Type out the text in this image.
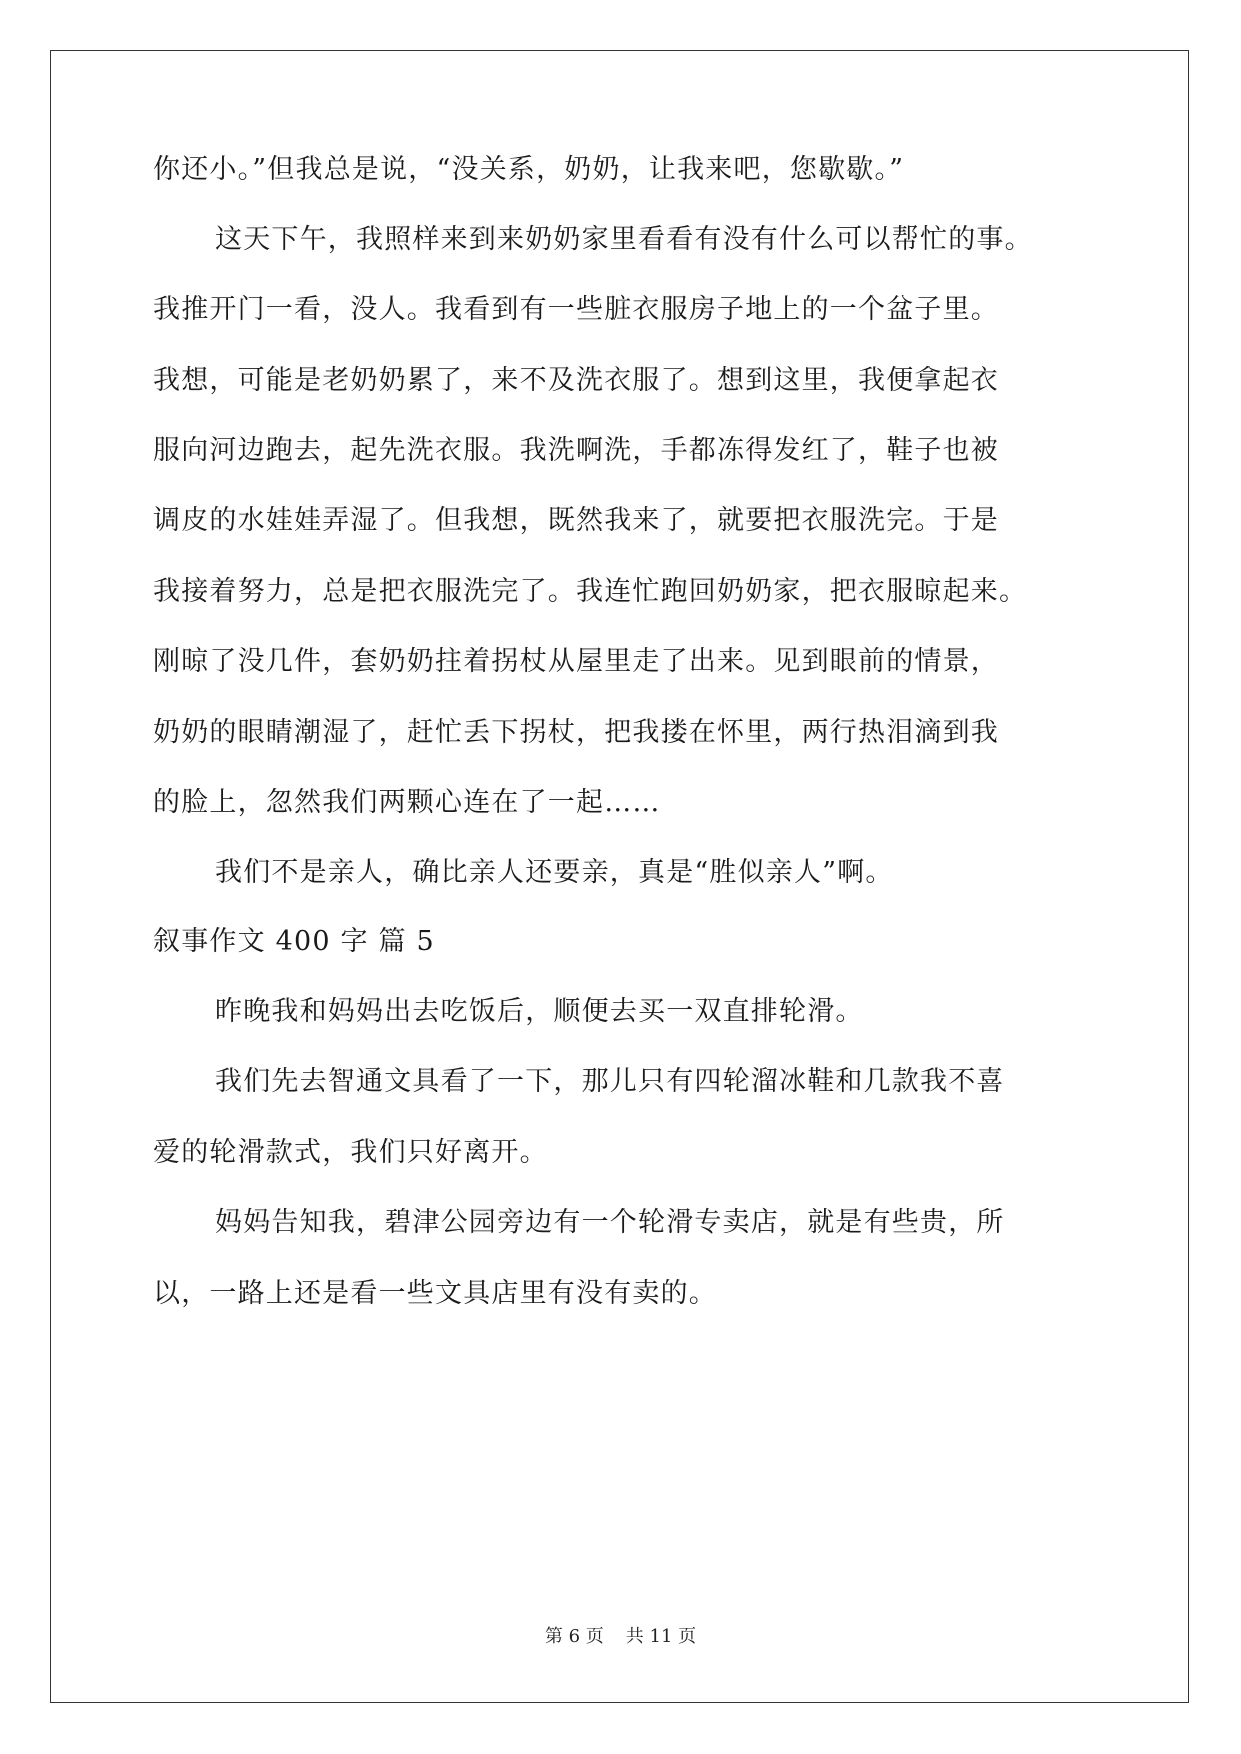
你还小。”但我总是说，“没关系，奶奶，让我来吧，您歇歇。”
这天下午，我照样来到来奶奶家里看看有没有什么可以帮忙的事。
我推开门一看，没人。我看到有一些脏衣服房子地上的一个盆子里。
我想，可能是老奶奶累了，来不及洗衣服了。想到这里，我便拿起衣
服向河边跑去，起先洗衣服。我洗啊洗，手都冻得发红了，鞋子也被
调皮的水娃娃弄湿了。但我想，既然我来了，就要把衣服洗完。于是
我接着努力，总是把衣服洗完了。我连忙跑回奶奶家，把衣服晾起来。
刚晾了没几件，套奶奶拄着拐杖从屋里走了出来。见到眼前的情景，
奶奶的眼睛潮湿了，赶忙丢下拐杖，把我搂在怀里，两行热泪滴到我
的脸上，忽然我们两颗心连在了一起……
我们不是亲人，确比亲人还要亲，真是“胜似亲人”啊。
叙事作文 400 字 篇 5
昨晚我和妈妈出去吃饭后，顺便去买一双直排轮滑。
我们先去智通文具看了一下，那儿只有四轮溜冰鞋和几款我不喜
爱的轮滑款式，我们只好离开。
妈妈告知我，碧津公园旁边有一个轮滑专卖店，就是有些贵，所
以，一路上还是看一些文具店里有没有卖的。
第 6 页 共 11 页
